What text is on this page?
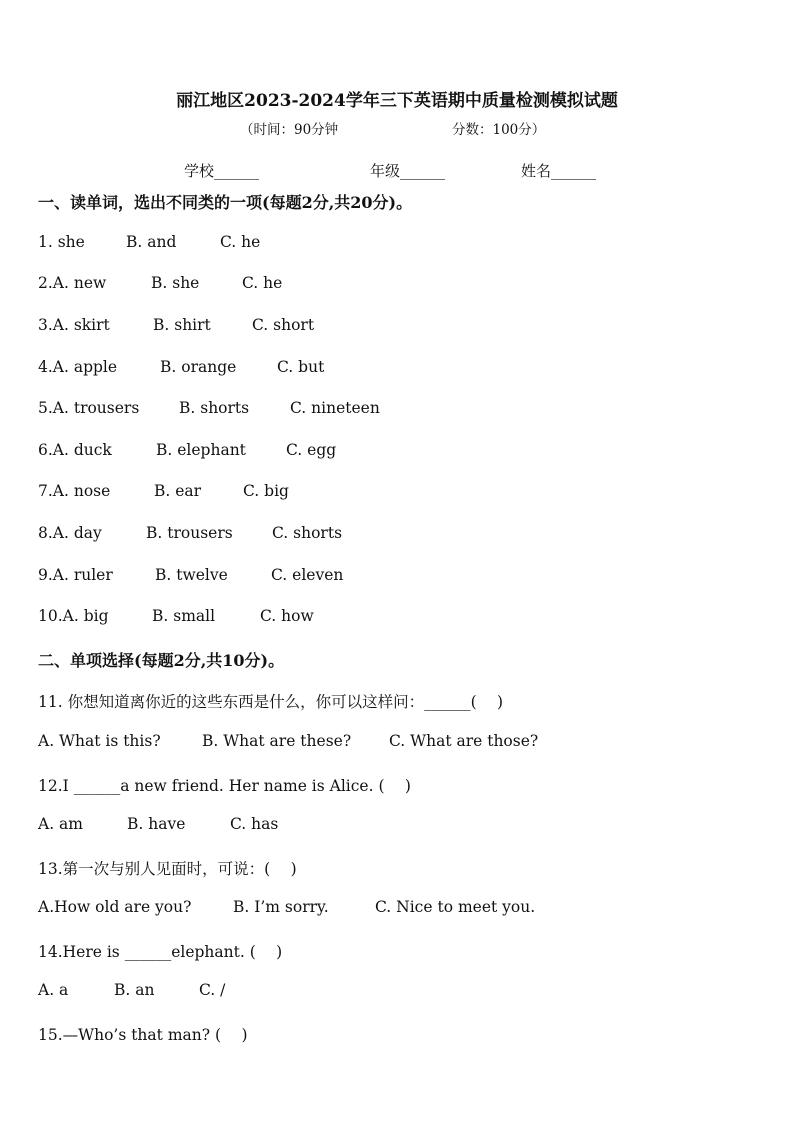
丽江地区2023-2024学年三下英语期中质量检测模拟试题
（时间：90分钟	分数：100分）
学校______	年级______	姓名______
一、读单词，选出不同类的一项(每题2分,共20分)。
1. she	B. and	C. he
2.A. new	B. she	C. he
3.A. skirt	B. shirt	C. short
4.A. apple	B. orange	C. but
5.A. trousers	B. shorts	C. nineteen
6.A. duck	B. elephant	C. egg
7.A. nose	B. ear	C. big
8.A. day	B. trousers	C. shorts
9.A. ruler	B. twelve	C. eleven
10.A. big	B. small	C. how
二、单项选择(每题2分,共10分)。
11. 你想知道离你近的这些东西是什么，你可以这样问：______(　 )
A. What is this?	B. What are these? C. What are those?
12.I ______a new friend. Her name is Alice. (　 )
A. am	B. have	C. has
13.第一次与别人见面时，可说：(　 )
A.How old are you?	B. I’m sorry.	C. Nice to meet you.
14.Here is ______elephant. (　 )
A. a	B. an	C. /
15.—Who’s that man? (　 )
